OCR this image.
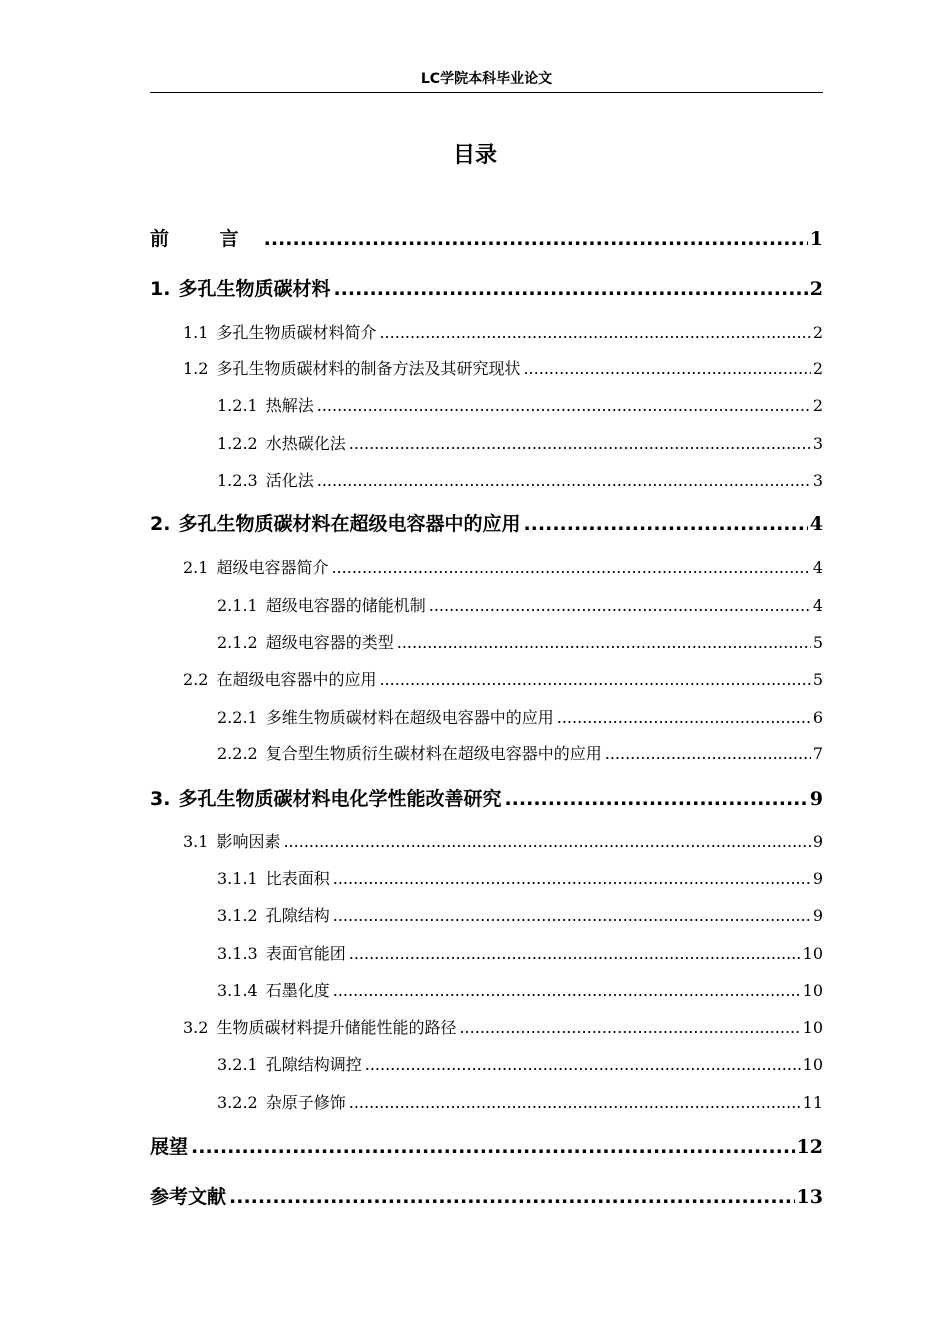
LC学院本科毕业论文
目录
前 言 .....	1
1. 多孔生物质碳材料 .....	2
1.1 多孔生物质碳材料简介 .....	2
1.2 多孔生物质碳材料的制备方法及其研究现状 .....	2
1.2.1 热解法 .....	2
1.2.2 水热碳化法 .....	3
1.2.3 活化法 .....	3
2. 多孔生物质碳材料在超级电容器中的应用 .....	4
2.1 超级电容器简介 .....	4
2.1.1 超级电容器的储能机制 .....	4
2.1.2 超级电容器的类型 .....	5
2.2 在超级电容器中的应用 .....	5
2.2.1 多维生物质碳材料在超级电容器中的应用 .....	6
2.2.2 复合型生物质衍生碳材料在超级电容器中的应用 .....	7
3. 多孔生物质碳材料电化学性能改善研究 .....	9
3.1 影响因素 .....	9
3.1.1 比表面积 .....	9
3.1.2 孔隙结构 .....	9
3.1.3 表面官能团 .....	10
3.1.4 石墨化度 .....	10
3.2 生物质碳材料提升储能性能的路径 .....	10
3.2.1 孔隙结构调控 .....	10
3.2.2 杂原子修饰 .....	11
展望 .....	12
参考文献 .....	13
